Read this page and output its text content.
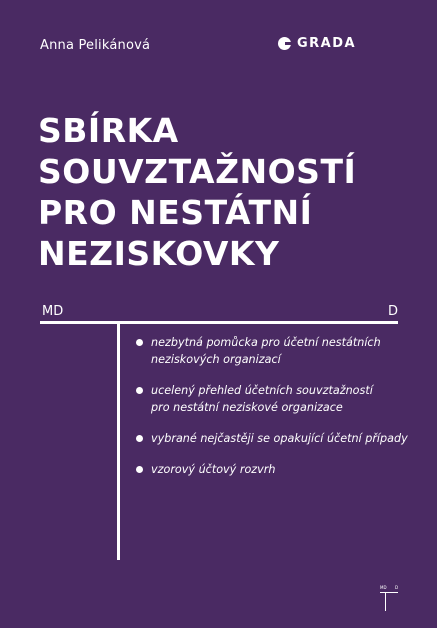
Anna Pelikánová	GRADA
SBÍRKA
SOUVZTAŽNOSTÍ
PRO NESTÁTNÍ
NEZISKOVKY
MD	D
nezbytná pomůcka pro účetní nestátních
neziskových organizací
ucelený přehled účetních souvztažností
pro nestátní neziskové organizace
vybrané nejčastěji se opakující účetní případy
vzorový účtový rozvrh
MD D
